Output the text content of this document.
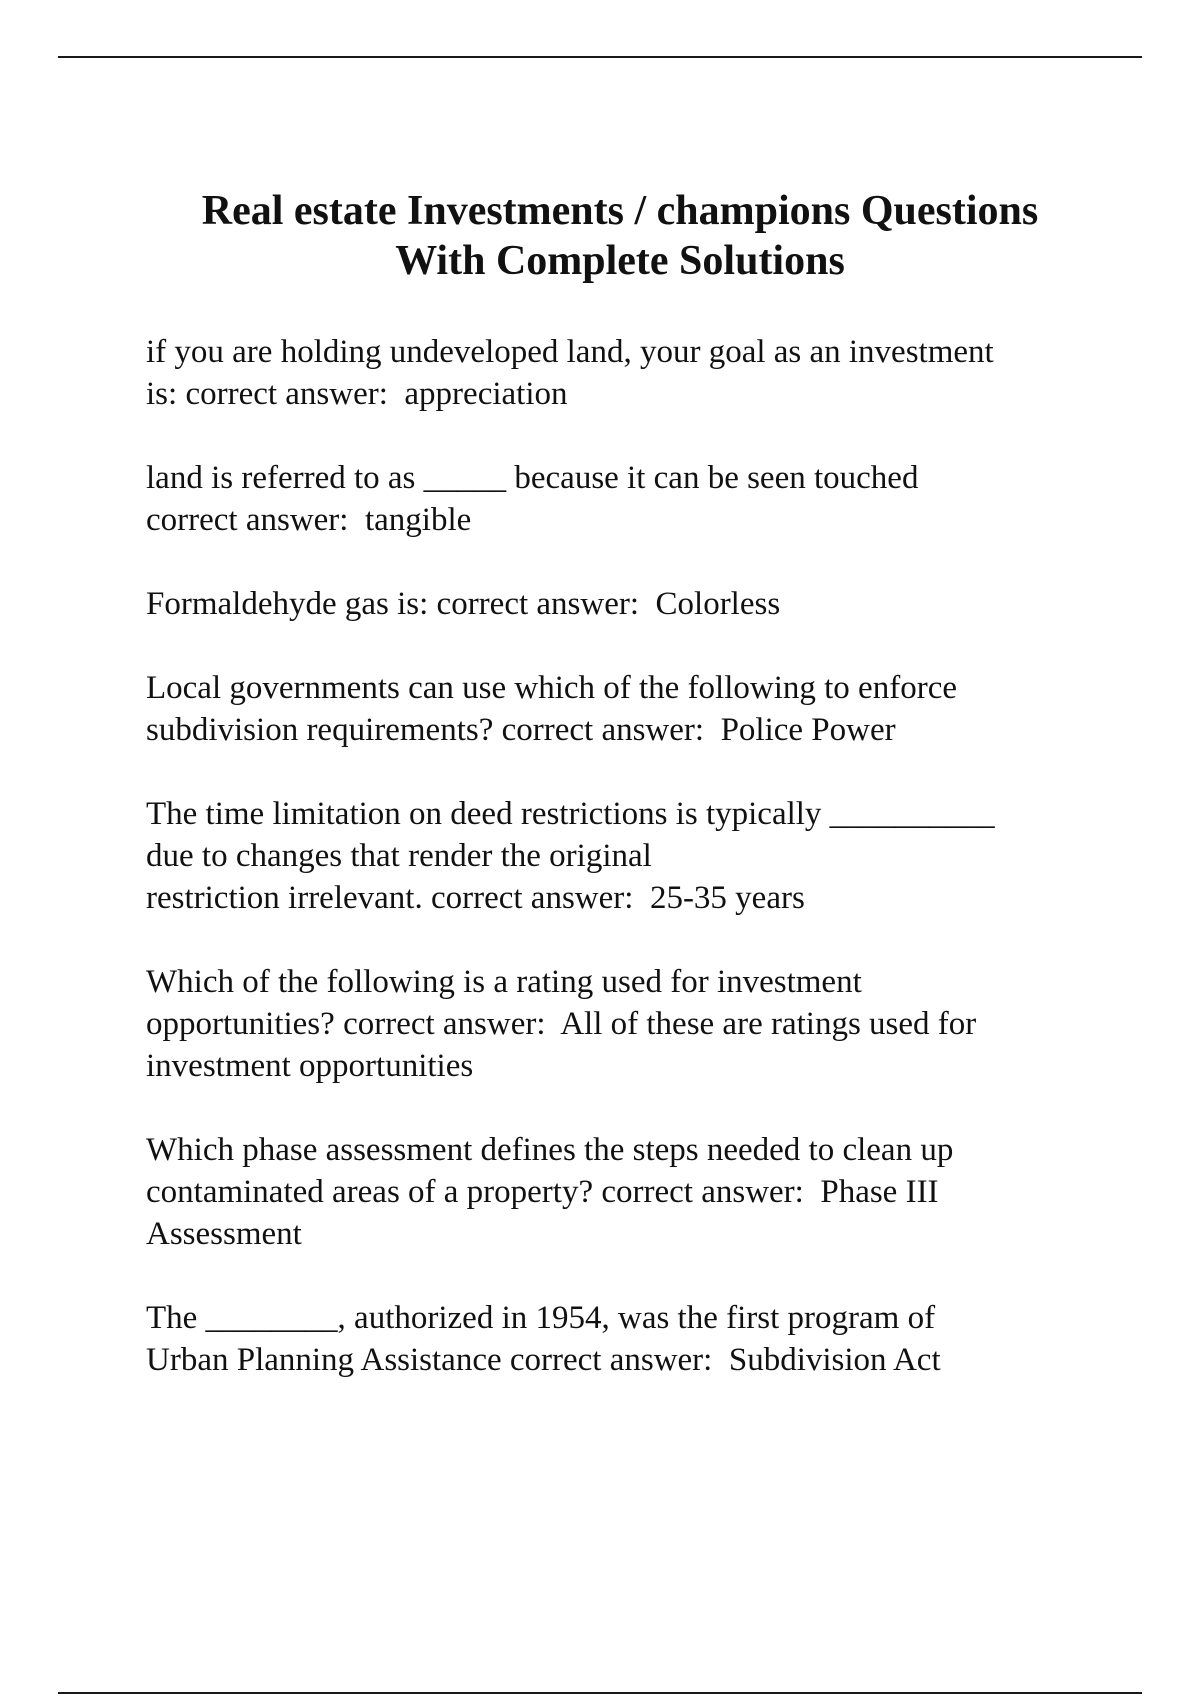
Real estate Investments / champions Questions
With Complete Solutions
if you are holding undeveloped land, your goal as an investment
is: correct answer: appreciation
land is referred to as _____ because it can be seen touched
correct answer: tangible
Formaldehyde gas is: correct answer: Colorless
Local governments can use which of the following to enforce
subdivision requirements? correct answer: Police Power
The time limitation on deed restrictions is typically __________
due to changes that render the original
restriction irrelevant. correct answer: 25-35 years
Which of the following is a rating used for investment
opportunities? correct answer: All of these are ratings used for
investment opportunities
Which phase assessment defines the steps needed to clean up
contaminated areas of a property? correct answer: Phase III
Assessment
The ________, authorized in 1954, was the first program of
Urban Planning Assistance correct answer: Subdivision Act
